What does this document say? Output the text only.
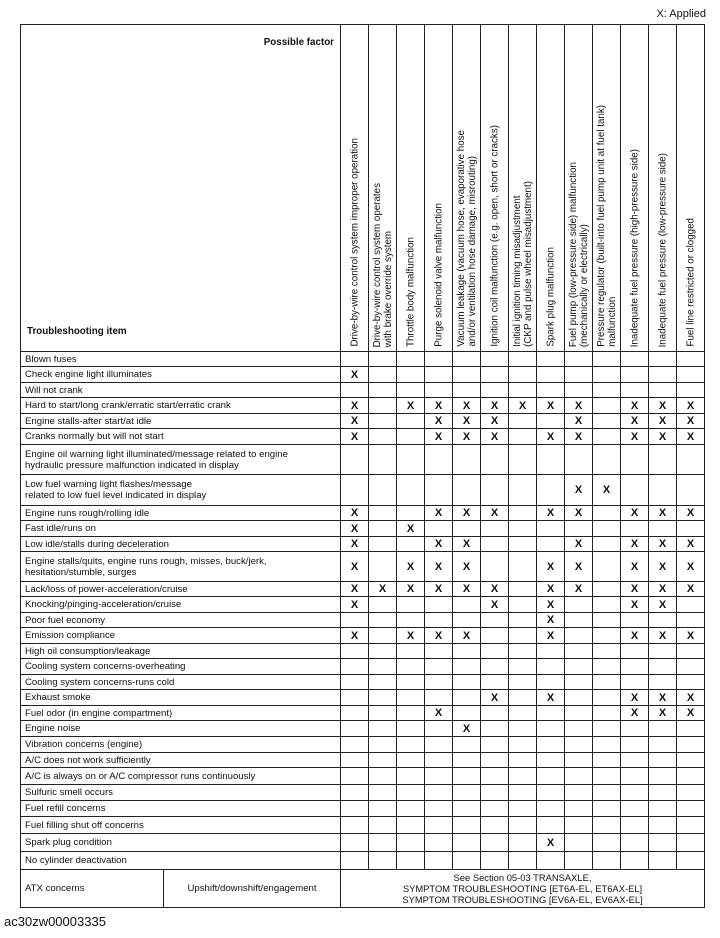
X: Applied
Possible factor
Troubleshooting item		Drive-by-wire control system improper operation	Drive-by-wire control system operates
with brake override system	Throttle body malfunction	Purge solenoid valve malfunction	Vacuum leakage (vacuum hose, evaporative hose
and/or ventilation hose damage, misrouting)	Ignition coil malfunction (e.g. open, short or cracks)	Initial ignition timing misadjustment
(CKP and pulse wheel misadjustment)	Spark plug malfunction	Fuel pump (low-pressure side) malfunction
(mechanically or electrically)	Pressure regulator (built-into fuel pump unit at fuel tank)
malfunction	Inadequate fuel pressure (high-pressure side)	Inadequate fuel pressure (low-pressure side)	Fuel line restricted or clogged

Blown fuses														
Check engine light illuminates		X												
Will not crank														
Hard to start/long crank/erratic start/erratic crank		X		X	X	X	X	X	X	X		X	X	X
Engine stalls-after start/at idle		X			X	X	X			X		X	X	X
Cranks normally but will not start		X			X	X	X		X	X		X	X	X
Engine oil warning light illuminated/message related to engine
hydraulic pressure malfunction indicated in display														
Low fuel warning light flashes/message
related to low fuel level indicated in display										X	X			
Engine runs rough/rolling idle		X			X	X	X		X	X		X	X	X
Fast idle/runs on		X		X										
Low idle/stalls during deceleration		X			X	X				X		X	X	X
Engine stalls/quits, engine runs rough, misses, buck/jerk,
hesitation/stumble, surges		X		X	X	X			X	X		X	X	X
Lack/loss of power-acceleration/cruise		X	X	X	X	X	X		X	X		X	X	X
Knocking/pinging-acceleration/cruise		X					X		X			X	X	
Poor fuel economy									X					
Emission compliance		X		X	X	X			X			X	X	X
High oil consumption/leakage														
Cooling system concerns-overheating														
Cooling system concerns-runs cold														
Exhaust smoke							X		X			X	X	X
Fuel odor (in engine compartment)					X							X	X	X
Engine noise						X								
Vibration concerns (engine)														
A/C does not work sufficiently														
A/C is always on or A/C compressor runs continuously														
Sulfuric smell occurs														
Fuel refill concerns														
Fuel filling shut off concerns														
Spark plug condition									X					
No cylinder deactivation														
ATX concerns	Upshift/downshift/engagement	See Section 05-03 TRANSAXLE,
SYMPTOM TROUBLESHOOTING [ET6A-EL, ET6AX-EL]
SYMPTOM TROUBLESHOOTING [EV6A-EL, EV6AX-EL]												
ac30zw00003335
